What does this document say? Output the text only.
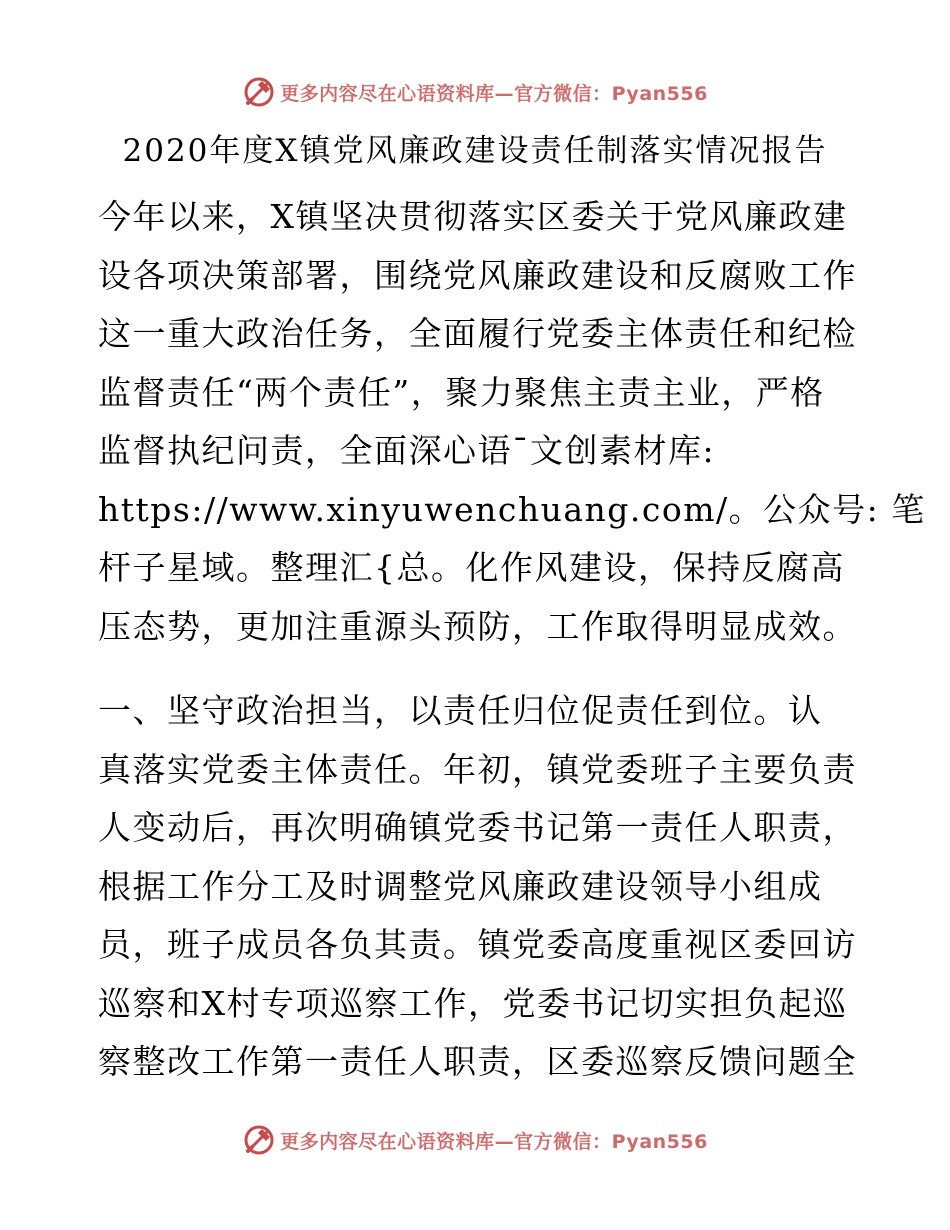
更多内容尽在心语资料库—官方微信：Pyan556
2020年度X镇党风廉政建设责任制落实情况报告
今年以来，X镇坚决贯彻落实区委关于党风廉政建
设各项决策部署，围绕党风廉政建设和反腐败工作
这一重大政治任务，全面履行党委主体责任和纪检
监督责任“两个责任”，聚力聚焦主责主业，严格
监督执纪问责，全面深心语¯文创素材库:
https://www.xinyuwenchuang.com/。公众号: 笔
杆子星域。整理汇{总。化作风建设，保持反腐高
压态势，更加注重源头预防，工作取得明显成效。
一、坚守政治担当，以责任归位促责任到位。认
真落实党委主体责任。年初，镇党委班子主要负责
人变动后，再次明确镇党委书记第一责任人职责，
根据工作分工及时调整党风廉政建设领导小组成
员，班子成员各负其责。镇党委高度重视区委回访
巡察和X村专项巡察工作，党委书记切实担负起巡
察整改工作第一责任人职责，区委巡察反馈问题全
更多内容尽在心语资料库—官方微信：Pyan556
